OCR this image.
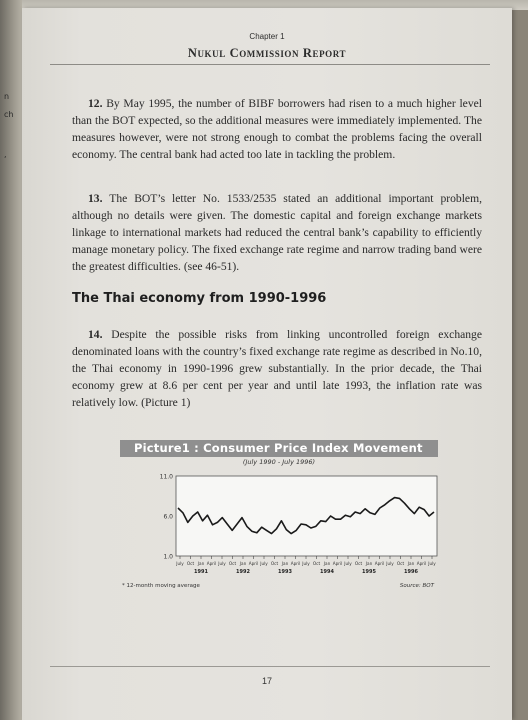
n
ch
,
Chapter 1
Nukul Commission Report
12. By May 1995, the number of BIBF borrowers had risen to a much higher level than the BOT expected, so the additional measures were immediately implemented. The measures however, were not strong enough to combat the problems facing the overall economy. The central bank had acted too late in tackling the problem.
13. The BOT’s letter No. 1533/2535 stated an additional important problem, although no details were given. The domestic capital and foreign exchange markets linkage to international markets had reduced the central bank’s capability to efficiently manage monetary policy. The fixed exchange rate regime and narrow trading band were the greatest difficulties. (see 46-51).
The Thai economy from 1990-1996
14. Despite the possible risks from linking uncontrolled foreign exchange denominated loans with the country’s fixed exchange rate regime as described in No.10, the Thai economy in 1990-1996 grew substantially. In the prior decade, the Thai economy grew at 8.6 per cent per year and until late 1993, the inflation rate was relatively low. (Picture 1)
Picture1 : Consumer Price Index Movement
(July 1990 - July 1996)
11.0
6.0
1.0
July Oct Jan April July Oct Jan April July Oct Jan April July Oct Jan April July Oct Jan April July Oct Jan April July
1991	1992	1993	1994	1995	1996
* 12-month moving average	Source: BOT
17
